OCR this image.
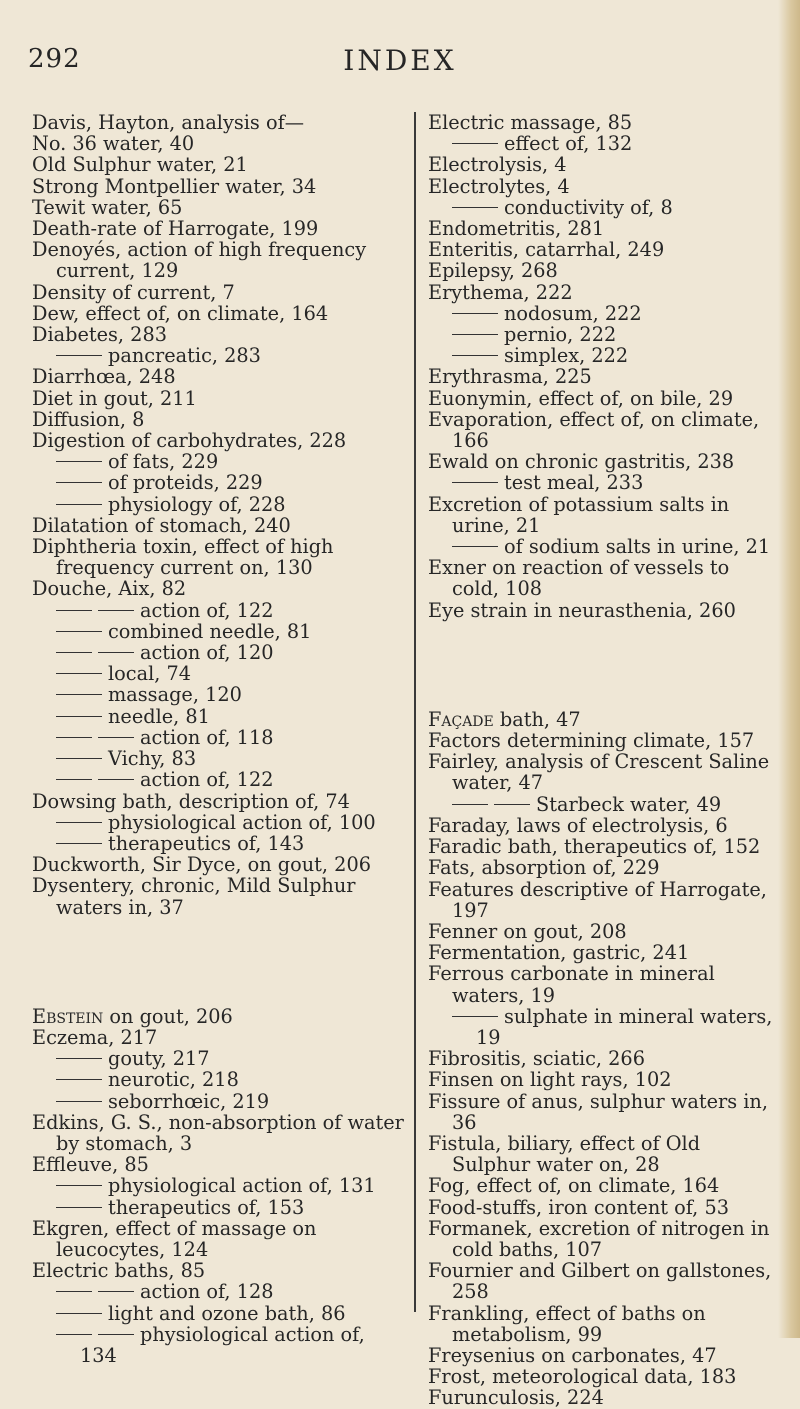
292	INDEX

Davis, Hayton, analysis of—

No. 36 water, 40

Old Sulphur water, 21

Strong Montpellier water, 34

Tewit water, 65

Death-rate of Harrogate, 199

Denoyés, action of high frequency current, 129

Density of current, 7

Dew, effect of, on climate, 164

Diabetes, 283

pancreatic, 283

Diarrhœa, 248

Diet in gout, 211

Diffusion, 8

Digestion of carbohydrates, 228

of fats, 229

of proteids, 229

physiology of, 228

Dilatation of stomach, 240

Diphtheria toxin, effect of high frequency current on, 130

Douche, Aix, 82

action of, 122

combined needle, 81

action of, 120

local, 74

massage, 120

needle, 81

action of, 118

Vichy, 83

action of, 122

Dowsing bath, description of, 74

physiological action of, 100

therapeutics of, 143

Duckworth, Sir Dyce, on gout, 206

Dysentery, chronic, Mild Sulphur waters in, 37

Ebstein on gout, 206

Eczema, 217

gouty, 217

neurotic, 218

seborrhœic, 219

Edkins, G. S., non-absorption of water by stomach, 3

Effleuve, 85

physiological action of, 131

therapeutics of, 153

Ekgren, effect of massage on leucocytes, 124

Electric baths, 85

action of, 128

light and ozone bath, 86

physiological action of, 134

Electric massage, 85

effect of, 132

Electrolysis, 4

Electrolytes, 4

conductivity of, 8

Endometritis, 281

Enteritis, catarrhal, 249

Epilepsy, 268

Erythema, 222

nodosum, 222

pernio, 222

simplex, 222

Erythrasma, 225

Euonymin, effect of, on bile, 29

Evaporation, effect of, on climate, 166

Ewald on chronic gastritis, 238

test meal, 233

Excretion of potassium salts in urine, 21

of sodium salts in urine, 21

Exner on reaction of vessels to cold, 108

Eye strain in neurasthenia, 260

Façade bath, 47

Factors determining climate, 157

Fairley, analysis of Crescent Saline water, 47

Starbeck water, 49

Faraday, laws of electrolysis, 6

Faradic bath, therapeutics of, 152

Fats, absorption of, 229

Features descriptive of Harrogate, 197

Fenner on gout, 208

Fermentation, gastric, 241

Ferrous carbonate in mineral waters, 19

sulphate in mineral waters, 19

Fibrositis, sciatic, 266

Finsen on light rays, 102

Fissure of anus, sulphur waters in, 36

Fistula, biliary, effect of Old Sulphur water on, 28

Fog, effect of, on climate, 164

Food-stuffs, iron content of, 53

Formanek, excretion of nitrogen in cold baths, 107

Fournier and Gilbert on gallstones, 258

Frankling, effect of baths on metabolism, 99

Freysenius on carbonates, 47

Frost, meteorological data, 183

Furunculosis, 224
